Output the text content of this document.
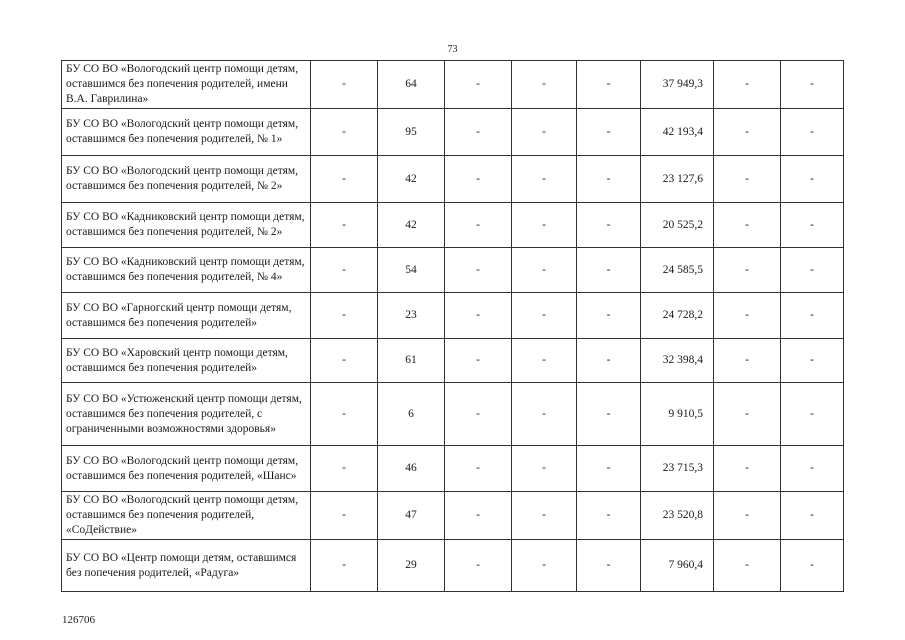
73
БУ СО ВО «Вологодский центр помощи детям, оставшимся без попечения родителей, имени В.А. Гаврилина»	-	64	-	-	-	37 949,3	-	-
БУ СО ВО «Вологодский центр помощи детям, оставшимся без попечения родителей, № 1»	-	95	-	-	-	42 193,4	-	-
БУ СО ВО «Вологодский центр помощи детям, оставшимся без попечения родителей, № 2»	-	42	-	-	-	23 127,6	-	-
БУ СО ВО «Кадниковский центр помощи детям, оставшимся без попечения родителей, № 2»	-	42	-	-	-	20 525,2	-	-
БУ СО ВО «Кадниковский центр помощи детям, оставшимся без попечения родителей, № 4»	-	54	-	-	-	24 585,5	-	-
БУ СО ВО «Гарногский центр помощи детям, оставшимся без попечения родителей»	-	23	-	-	-	24 728,2	-	-
БУ СО ВО «Харовский центр помощи детям, оставшимся без попечения родителей»	-	61	-	-	-	32 398,4	-	-
БУ СО ВО «Устюженский центр помощи детям, оставшимся без попечения родителей, с ограниченными возможностями здоровья»	-	6	-	-	-	9 910,5	-	-
БУ СО ВО «Вологодский центр помощи детям, оставшимся без попечения родителей, «Шанс»	-	46	-	-	-	23 715,3	-	-
БУ СО ВО «Вологодский центр помощи детям, оставшимся без попечения родителей, «СоДействие»	-	47	-	-	-	23 520,8	-	-
БУ СО ВО «Центр помощи детям, оставшимся без попечения родителей, «Радуга»	-	29	-	-	-	7 960,4	-	-
126706
